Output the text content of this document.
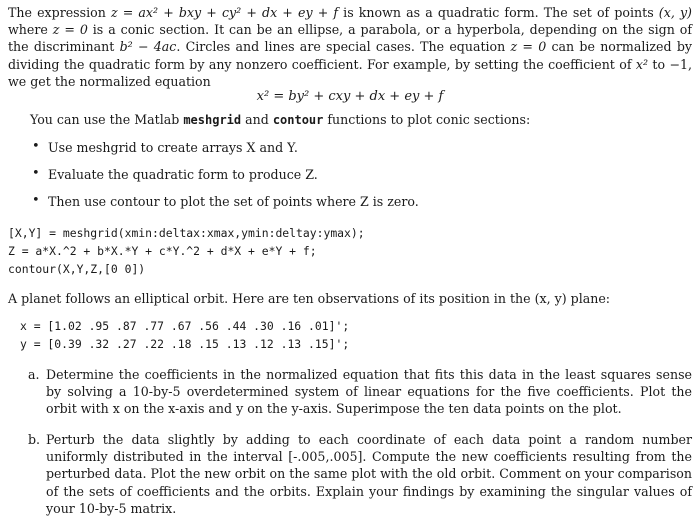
The expression z = ax² + bxy + cy² + dx + ey + f is known as a quadratic form. The set of points (x, y) where z = 0 is a conic section. It can be an ellipse, a parabola, or a hyperbola, depending on the sign of the discriminant b² − 4ac. Circles and lines are special cases. The equation z = 0 can be normalized by dividing the quadratic form by any nonzero coefficient. For example, by setting the coefficient of x² to −1, we get the normalized equation
x² = by² + cxy + dx + ey + f
You can use the Matlab meshgrid and contour functions to plot conic sections:
• Use meshgrid to create arrays X and Y.
• Evaluate the quadratic form to produce Z.
• Then use contour to plot the set of points where Z is zero.
[X,Y] = meshgrid(xmin:deltax:xmax,ymin:deltay:ymax);
Z = a*X.^2 + b*X.*Y + c*Y.^2 + d*X + e*Y + f;
contour(X,Y,Z,[0 0])
A planet follows an elliptical orbit. Here are ten observations of its position in the (x, y) plane:
x = [1.02 .95 .87 .77 .67 .56 .44 .30 .16 .01]';
y = [0.39 .32 .27 .22 .18 .15 .13 .12 .13 .15]';
a. Determine the coefficients in the normalized equation that fits this data in the least squares sense by solving a 10-by-5 overdetermined system of linear equations for the five coefficients. Plot the orbit with x on the x-axis and y on the y-axis. Superimpose the ten data points on the plot.
b. Perturb the data slightly by adding to each coordinate of each data point a random number uniformly distributed in the interval [-.005,.005]. Compute the new coefficients resulting from the perturbed data. Plot the new orbit on the same plot with the old orbit. Comment on your comparison of the sets of coefficients and the orbits. Explain your findings by examining the singular values of your 10-by-5 matrix.
